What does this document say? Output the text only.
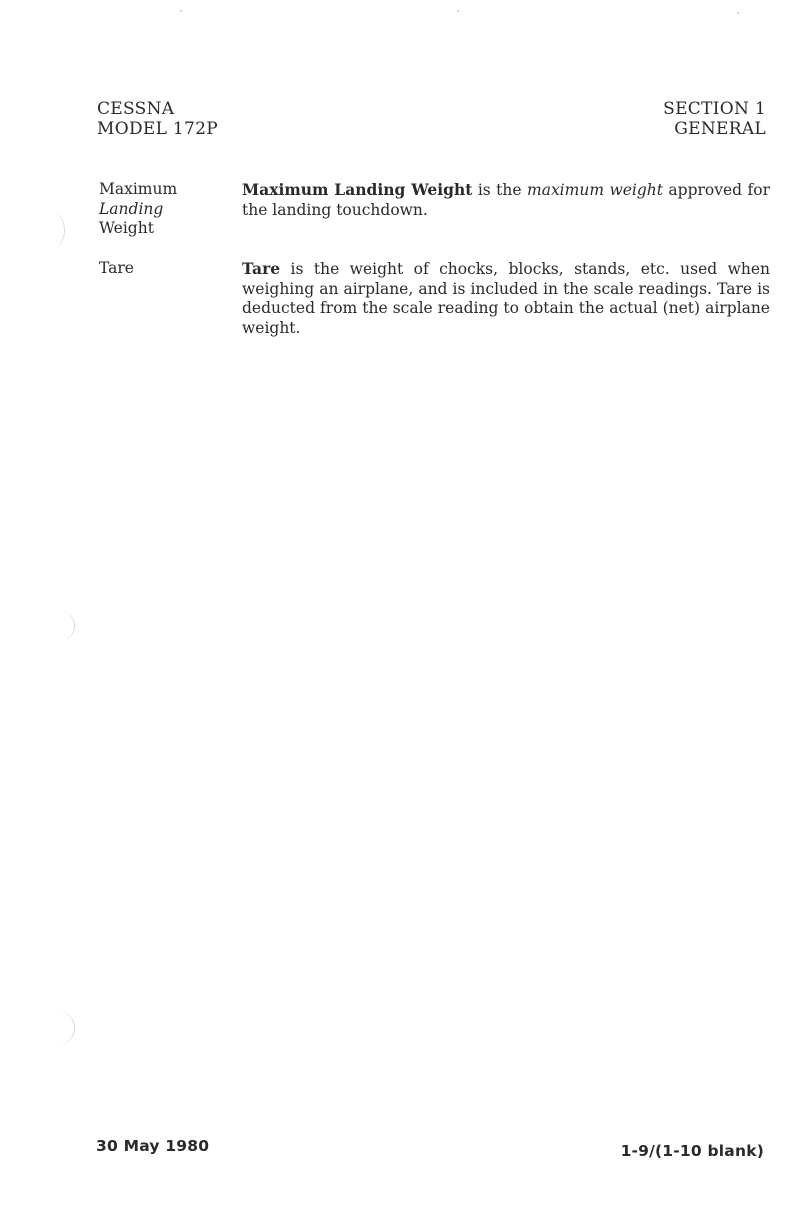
CESSNA
MODEL 172P
SECTION 1
GENERAL
Maximum
Landing
Weight
Maximum Landing Weight is the maximum weight approved for the landing touchdown.
Tare	Tare is the weight of chocks, blocks, stands, etc. used when weighing an airplane, and is included in the scale readings. Tare is deducted from the scale reading to obtain the actual (net) airplane weight.
30 May 1980	1-9/(1-10 blank)
